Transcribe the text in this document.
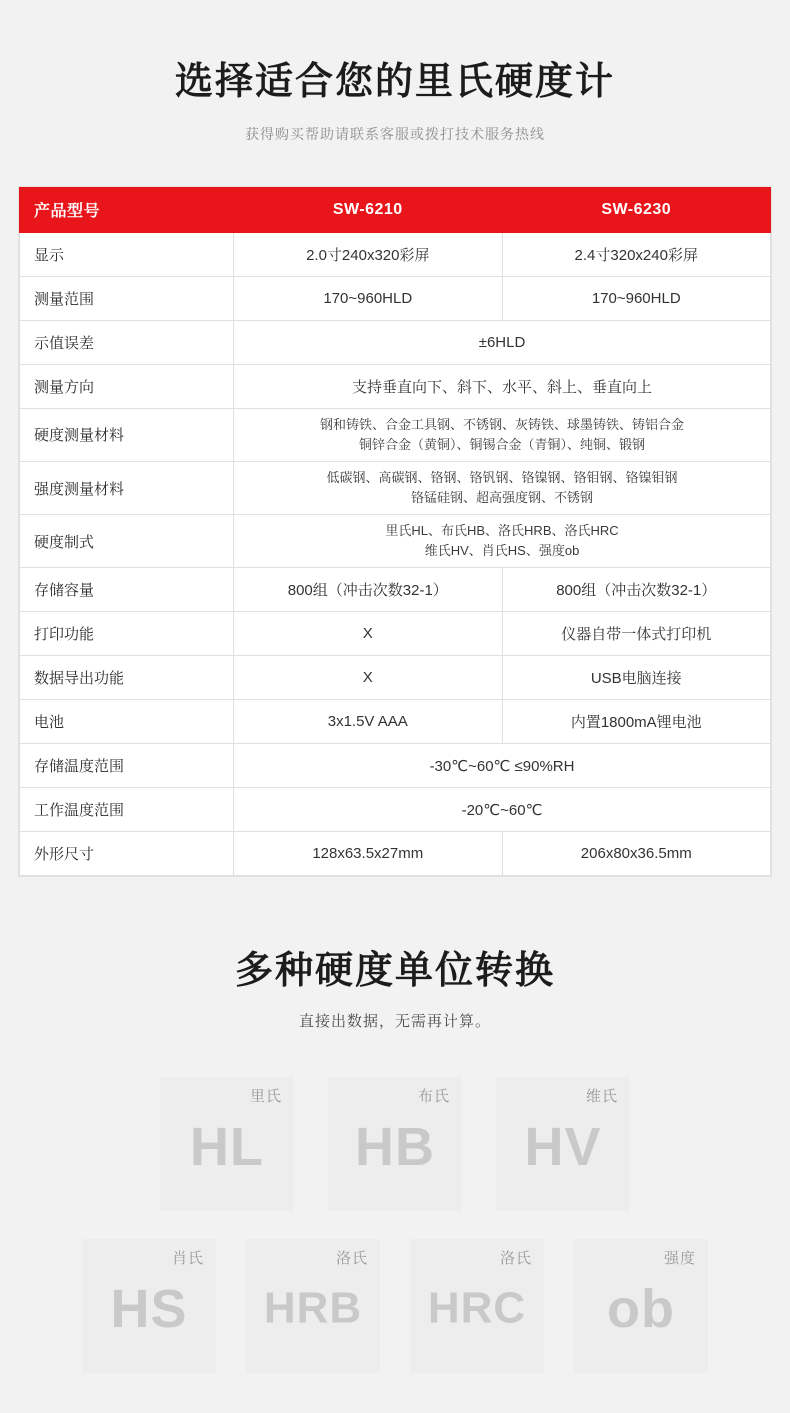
选择适合您的里氏硬度计
获得购买帮助请联系客服或拨打技术服务热线
产品型号	SW-6210	SW-6230
显示	2.0寸240x320彩屏	2.4寸320x240彩屏
测量范围	170~960HLD	170~960HLD
示值误差	±6HLD	
测量方向	支持垂直向下、斜下、水平、斜上、垂直向上	
硬度测量材料	钢和铸铁、合金工具钢、不锈钢、灰铸铁、球墨铸铁、铸铝合金
铜锌合金（黄铜）、铜锡合金（青铜）、纯铜、锻钢	
强度测量材料	低碳钢、高碳钢、铬钢、铬钒钢、铬镍钢、铬钼钢、铬镍钼钢
铬锰硅钢、超高强度钢、不锈钢	
硬度制式	里氏HL、布氏HB、洛氏HRB、洛氏HRC
维氏HV、肖氏HS、强度ob	
存储容量	800组（冲击次数32-1）	800组（冲击次数32-1）
打印功能	X	仪器自带一体式打印机
数据导出功能	X	USB电脑连接
电池	3x1.5V AAA	内置1800mA锂电池
存储温度范围	-30℃~60℃ ≤90%RH	
工作温度范围	-20℃~60℃	
外形尺寸	128x63.5x27mm	206x80x36.5mm
多种硬度单位转换
直接出数据，无需再计算。
里氏
HL
布氏
HB
维氏
HV
肖氏
HS
洛氏
HRB
洛氏
HRC
强度
ob
